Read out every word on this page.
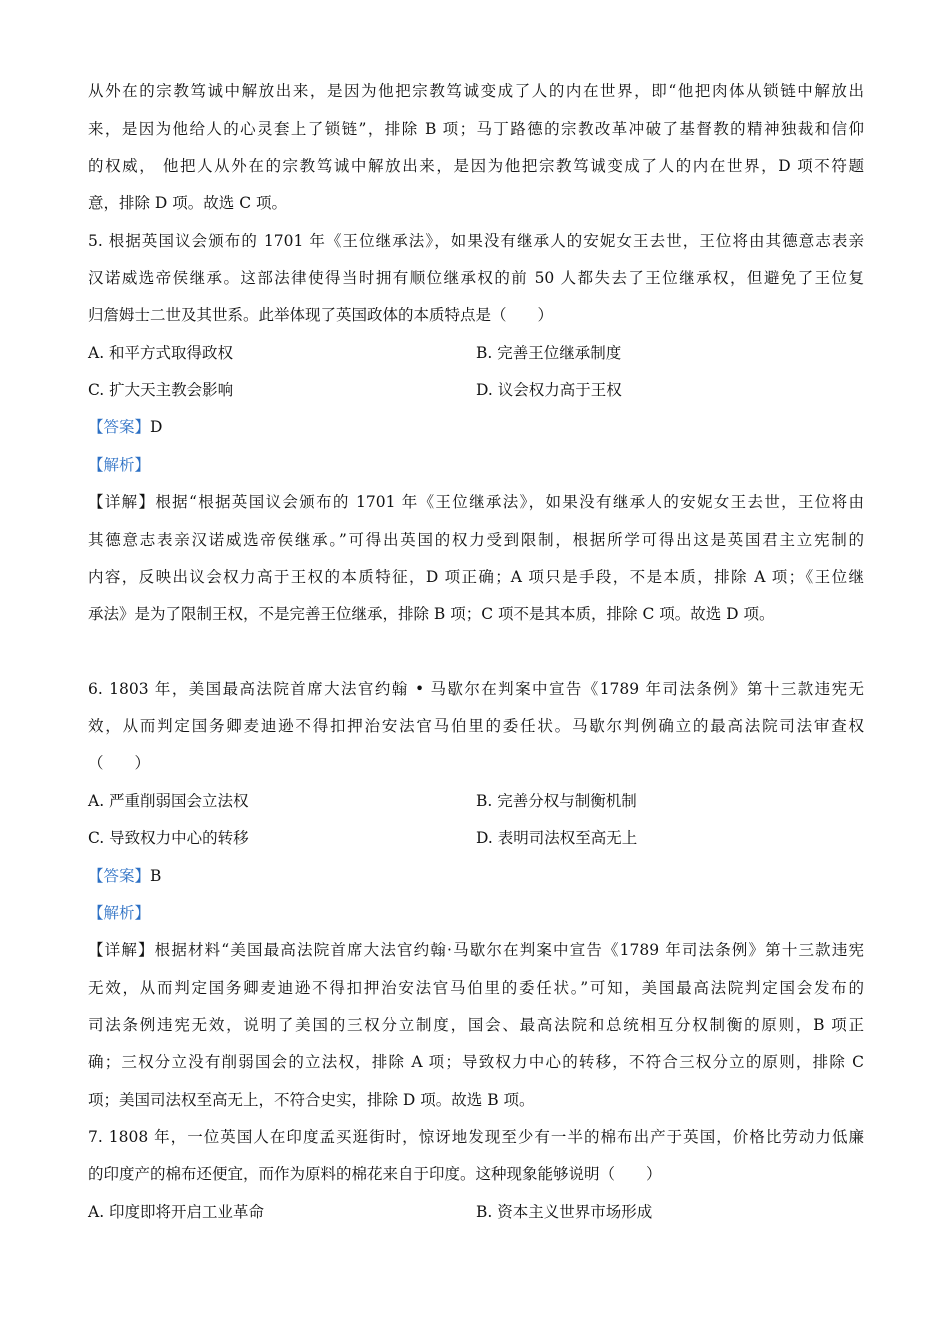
从外在的宗教笃诚中解放出来，是因为他把宗教笃诚变成了人的内在世界，即“他把肉体从锁链中解放出
来，是因为他给人的心灵套上了锁链”，排除 B 项；马丁路德的宗教改革冲破了基督教的精神独裁和信仰
的权威， 他把人从外在的宗教笃诚中解放出来，是因为他把宗教笃诚变成了人的内在世界，D 项不符题
意，排除 D 项。故选 C 项。
5. 根据英国议会颁布的 1701 年《王位继承法》，如果没有继承人的安妮女王去世，王位将由其德意志表亲
汉诺威选帝侯继承。这部法律使得当时拥有顺位继承权的前 50 人都失去了王位继承权，但避免了王位复
归詹姆士二世及其世系。此举体现了英国政体的本质特点是（　　）
A. 和平方式取得政权	B. 完善王位继承制度
C. 扩大天主教会影响	D. 议会权力高于王权
【答案】D
【解析】
【详解】根据“根据英国议会颁布的 1701 年《王位继承法》，如果没有继承人的安妮女王去世，王位将由
其德意志表亲汉诺威选帝侯继承。”可得出英国的权力受到限制，根据所学可得出这是英国君主立宪制的
内容，反映出议会权力高于王权的本质特征，D 项正确；A 项只是手段，不是本质，排除 A 项；《王位继
承法》是为了限制王权，不是完善王位继承，排除 B 项；C 项不是其本质，排除 C 项。故选 D 项。
6. 1803 年，美国最高法院首席大法官约翰 • 马歇尔在判案中宣告《1789 年司法条例》第十三款违宪无
效，从而判定国务卿麦迪逊不得扣押治安法官马伯里的委任状。马歇尔判例确立的最高法院司法审查权
（　　）
A. 严重削弱国会立法权	B. 完善分权与制衡机制
C. 导致权力中心的转移	D. 表明司法权至高无上
【答案】B
【解析】
【详解】根据材料“美国最高法院首席大法官约翰·马歇尔在判案中宣告《1789 年司法条例》第十三款违宪
无效，从而判定国务卿麦迪逊不得扣押治安法官马伯里的委任状。”可知，美国最高法院判定国会发布的
司法条例违宪无效，说明了美国的三权分立制度，国会、最高法院和总统相互分权制衡的原则，B 项正
确；三权分立没有削弱国会的立法权，排除 A 项；导致权力中心的转移，不符合三权分立的原则，排除 C
项；美国司法权至高无上，不符合史实，排除 D 项。故选 B 项。
7. 1808 年，一位英国人在印度孟买逛街时，惊讶地发现至少有一半的棉布出产于英国，价格比劳动力低廉
的印度产的棉布还便宜，而作为原料的棉花来自于印度。这种现象能够说明（　　）
A. 印度即将开启工业革命	B. 资本主义世界市场形成
